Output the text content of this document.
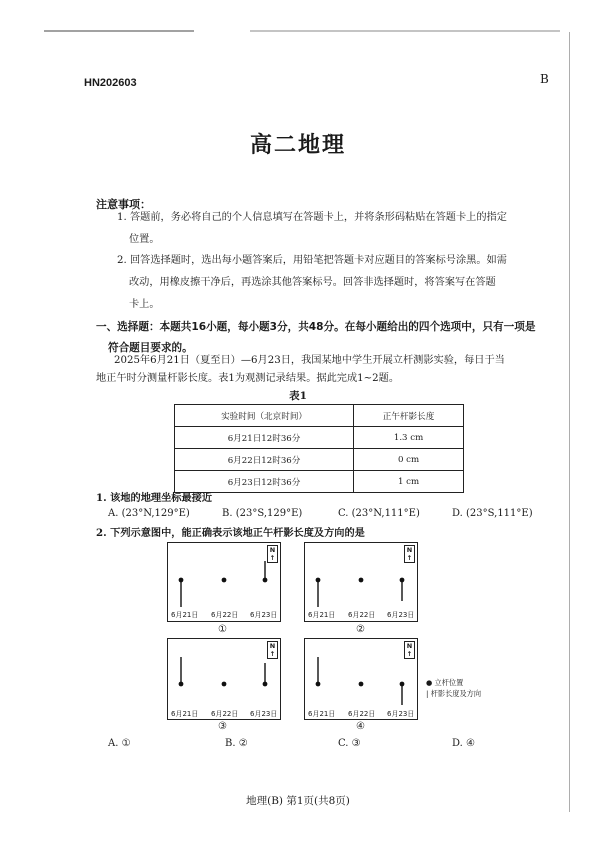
HN202603	B
高二地理
注意事项：
1. 答题前，务必将自己的个人信息填写在答题卡上，并将条形码粘贴在答题卡上的指定
位置。
2. 回答选择题时，选出每小题答案后，用铅笔把答题卡对应题目的答案标号涂黑。如需
改动，用橡皮擦干净后，再选涂其他答案标号。回答非选择题时，将答案写在答题
卡上。
一、选择题：本题共16小题，每小题3分，共48分。在每小题给出的四个选项中，只有一项是
符合题目要求的。
2025年6月21日（夏至日）—6月23日，我国某地中学生开展立杆测影实验，每日于当
地正午时分测量杆影长度。表1为观测记录结果。据此完成1~2题。
表1
实验时间（北京时间）	正午杆影长度
6月21日12时36分	1.3 cm
6月22日12时36分	0 cm
6月23日12时36分	1 cm
1. 该地的地理坐标最接近
A. (23°N,129°E)	B. (23°S,129°E)	C. (23°N,111°E)	D. (23°S,111°E)
2. 下列示意图中，能正确表示该地正午杆影长度及方向的是
N
↑
6月21日 6月22日 6月23日
①
N
↑
6月21日 6月22日 6月23日
②
N
↑
6月21日 6月22日 6月23日
③
N
↑
6月21日 6月22日 6月23日
④
● 立杆位置
| 杆影长度及方向
A. ①	B. ②	C. ③	D. ④
地理(B) 第1页(共8页)
